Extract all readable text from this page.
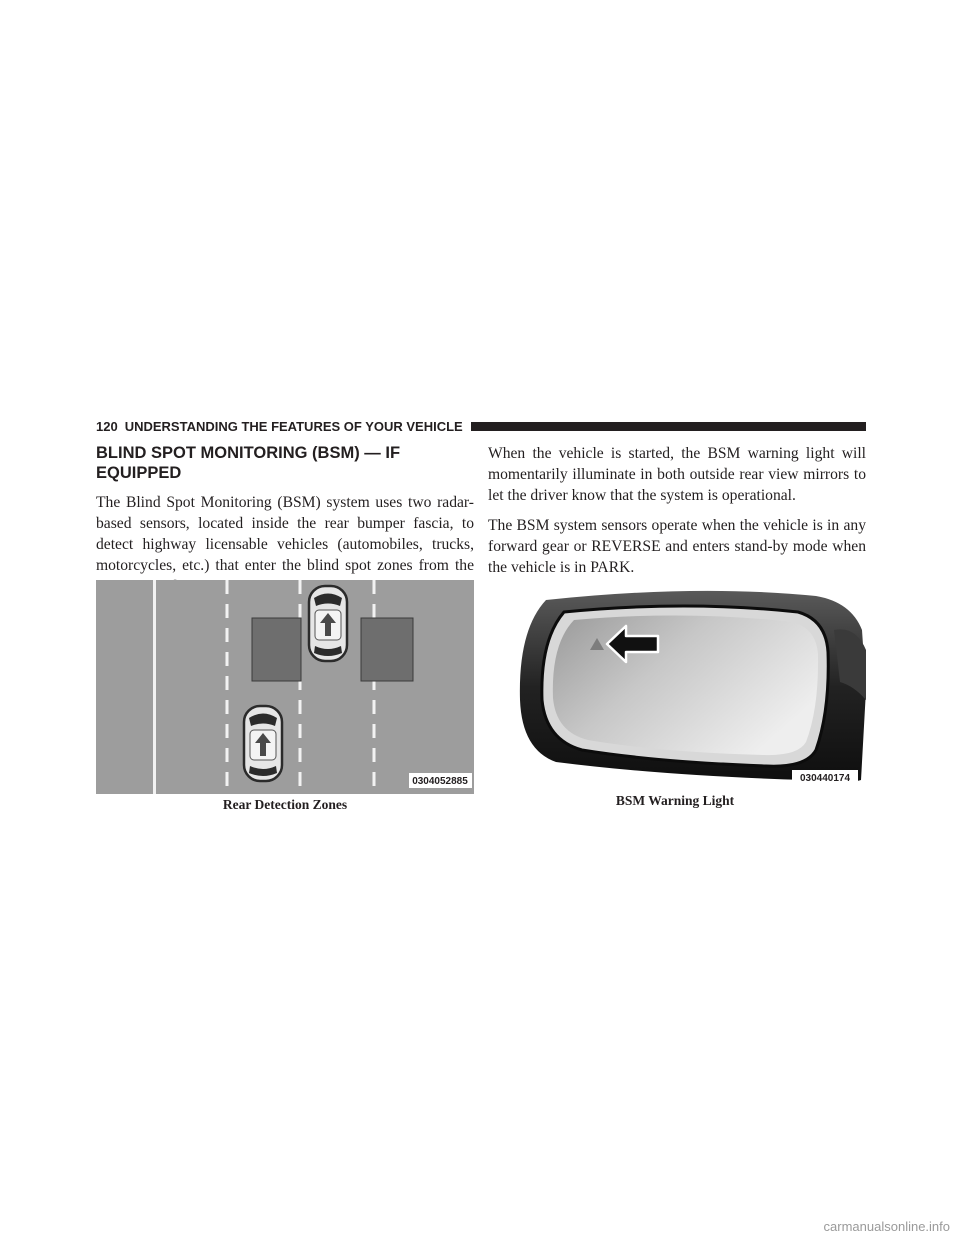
120 UNDERSTANDING THE FEATURES OF YOUR VEHICLE
BLIND SPOT MONITORING (BSM) — IF
EQUIPPED

The Blind Spot Monitoring (BSM) system uses two radar-based sensors, located inside the rear bumper fascia, to detect highway licensable vehicles (automobiles, trucks, motorcycles, etc.) that enter the blind spot zones from the

When the vehicle is started, the BSM warning light will momentarily illuminate in both outside rear view mirrors to let the driver know that the system is operational.

The BSM system sensors operate when the vehicle is in any forward gear or REVERSE and enters stand-by mode when the vehicle is in PARK.

0304052885
Rear Detection Zones
030440174
BSM Warning Light
carmanualsonline.info
